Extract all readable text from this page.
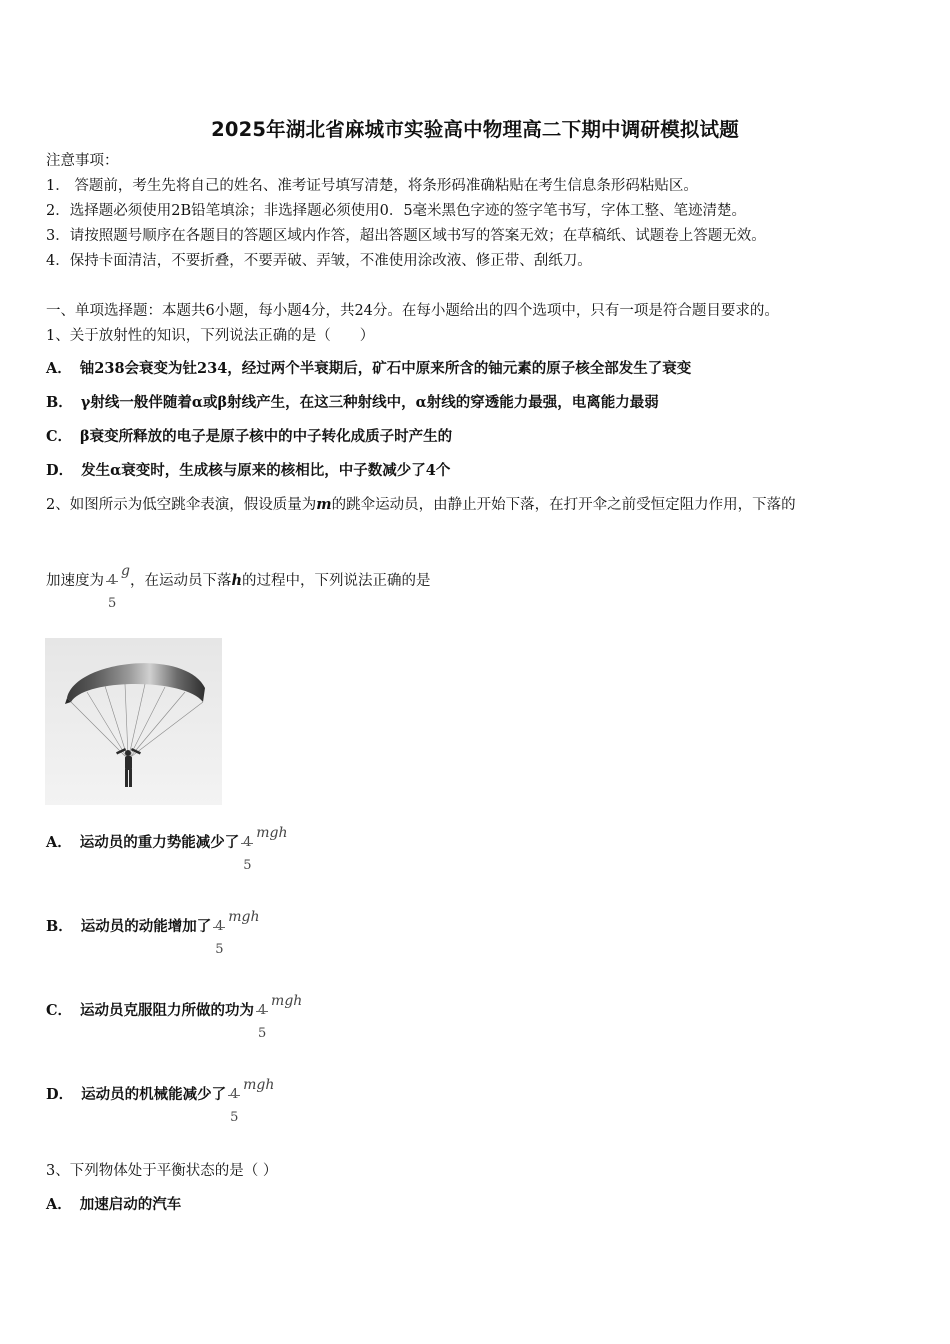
2025年湖北省麻城市实验高中物理高二下期中调研模拟试题
注意事项：
1． 答题前，考生先将自己的姓名、准考证号填写清楚，将条形码准确粘贴在考生信息条形码粘贴区。
2．选择题必须使用2B铅笔填涂；非选择题必须使用0．5毫米黑色字迹的签字笔书写，字体工整、笔迹清楚。
3．请按照题号顺序在各题目的答题区域内作答，超出答题区域书写的答案无效；在草稿纸、试题卷上答题无效。
4．保持卡面清洁，不要折叠，不要弄破、弄皱，不准使用涂改液、修正带、刮纸刀。
一、单项选择题：本题共6小题，每小题4分，共24分。在每小题给出的四个选项中，只有一项是符合题目要求的。
1、关于放射性的知识，下列说法正确的是（　　）
A． 铀238会衰变为钍234，经过两个半衰期后，矿石中原来所含的铀元素的原子核全部发生了衰变
B． γ射线一般伴随着α或β射线产生，在这三种射线中，α射线的穿透能力最强，电离能力最弱
C． β衰变所释放的电子是原子核中的中子转化成质子时产生的
D． 发生α衰变时，生成核与原来的核相比，中子数减少了4个
2、如图所示为低空跳伞表演，假设质量为m的跳伞运动员，由静止开始下落，在打开伞之前受恒定阻力作用，下落的
加速度为 4
5
g，在运动员下落h的过程中，下列说法正确的是
A． 运动员的重力势能减少了 4
5
mgh
B． 运动员的动能增加了 4
5
mgh
C． 运动员克服阻力所做的功为 4
5
mgh
D． 运动员的机械能减少了 4
5
mgh
3、下列物体处于平衡状态的是（ ）
A． 加速启动的汽车
